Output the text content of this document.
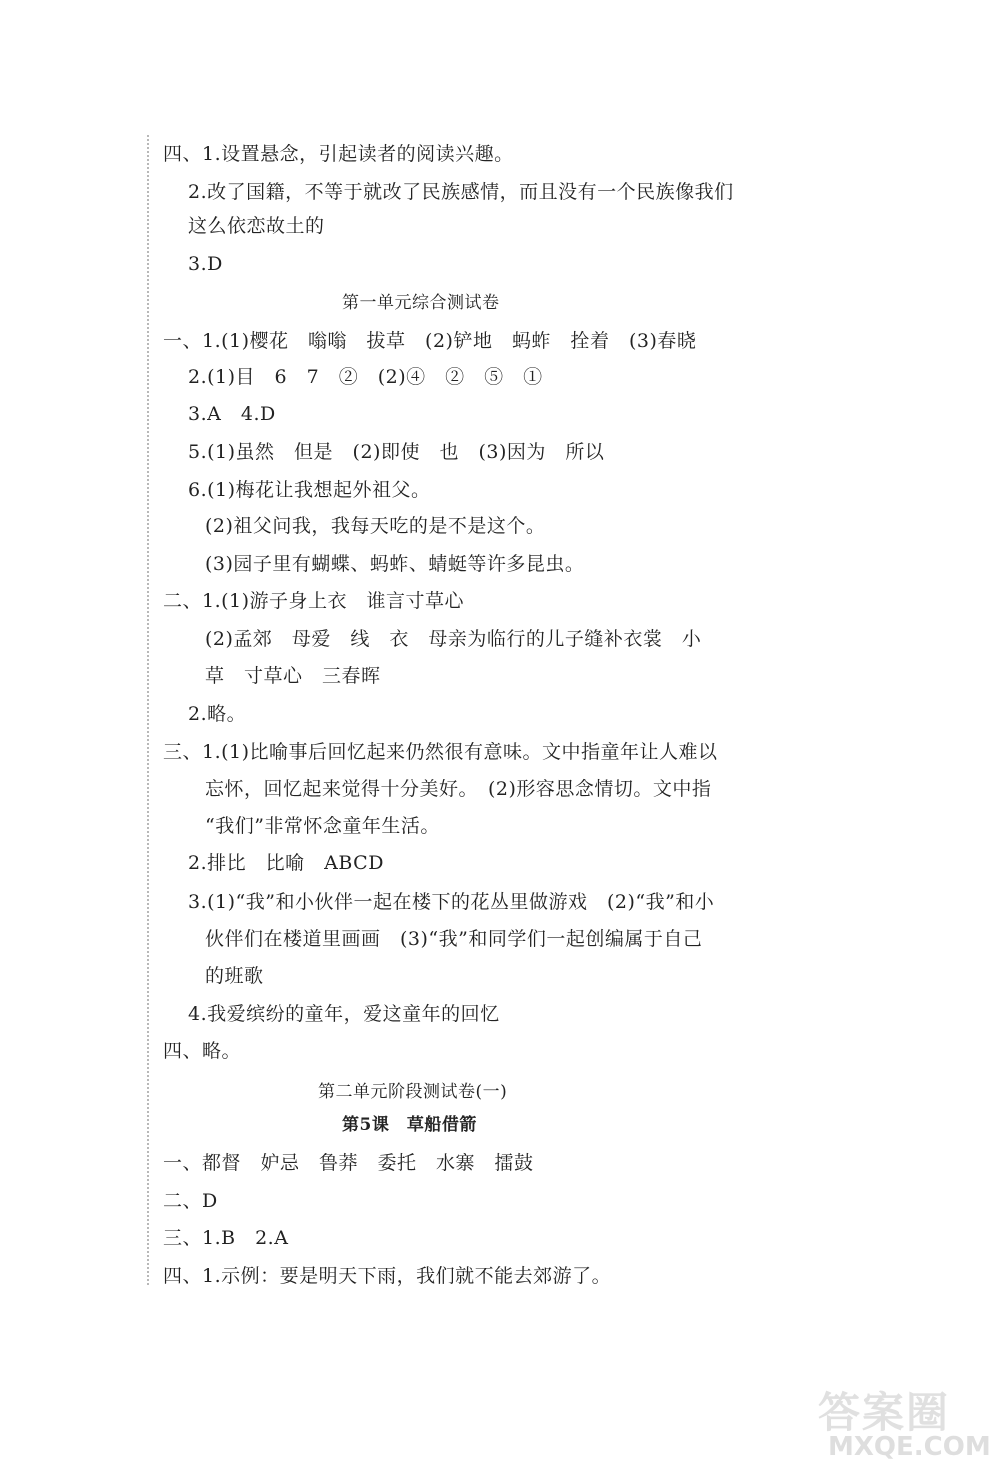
四、1.设置悬念，引起读者的阅读兴趣。
2.改了国籍，不等于就改了民族感情，而且没有一个民族像我们
这么依恋故土的
3.D
第一单元综合测试卷
一、1.(1)樱花　嗡嗡　拔草　(2)铲地　蚂蚱　拴着　(3)春晓
2.(1)目　6　7　②　(2)④　②　⑤　①
3.A　4.D
5.(1)虽然　但是　(2)即使　也　(3)因为　所以
6.(1)梅花让我想起外祖父。
(2)祖父问我，我每天吃的是不是这个。
(3)园子里有蝴蝶、蚂蚱、蜻蜓等许多昆虫。
二、1.(1)游子身上衣　谁言寸草心
(2)孟郊　母爱　线　衣　母亲为临行的儿子缝补衣裳　小
草　寸草心　三春晖
2.略。
三、1.(1)比喻事后回忆起来仍然很有意味。文中指童年让人难以
忘怀，回忆起来觉得十分美好。　(2)形容思念情切。文中指
“我们”非常怀念童年生活。
2.排比　比喻　ABCD
3.(1)“我”和小伙伴一起在楼下的花丛里做游戏　(2)“我”和小
伙伴们在楼道里画画　(3)“我”和同学们一起创编属于自己
的班歌
4.我爱缤纷的童年，爱这童年的回忆
四、略。
第二单元阶段测试卷(一)
第5课　草船借箭
一、都督　妒忌　鲁莽　委托　水寨　擂鼓
二、D
三、1.B　2.A
四、1.示例：要是明天下雨，我们就不能去郊游了。
答案圈
MXQE.COM
